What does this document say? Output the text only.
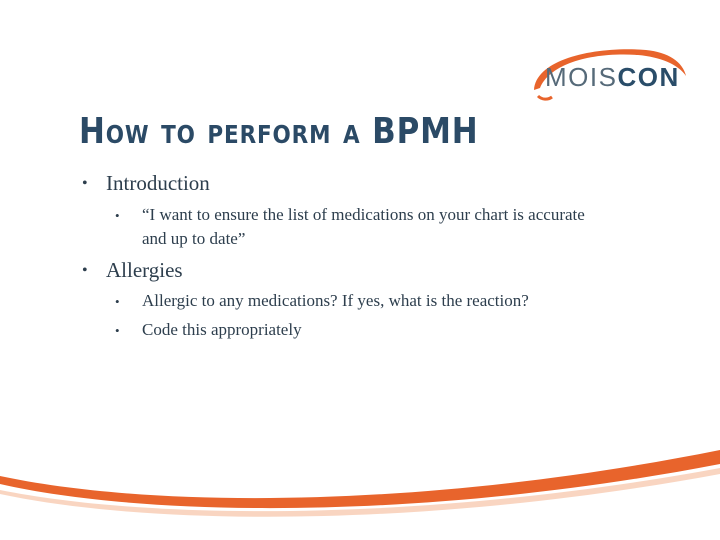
MOISCON
How to perform a BPMH
• Introduction
• “I want to ensure the list of medications on your chart is accurate
and up to date”
• Allergies
• Allergic to any medications? If yes, what is the reaction?
• Code this appropriately
